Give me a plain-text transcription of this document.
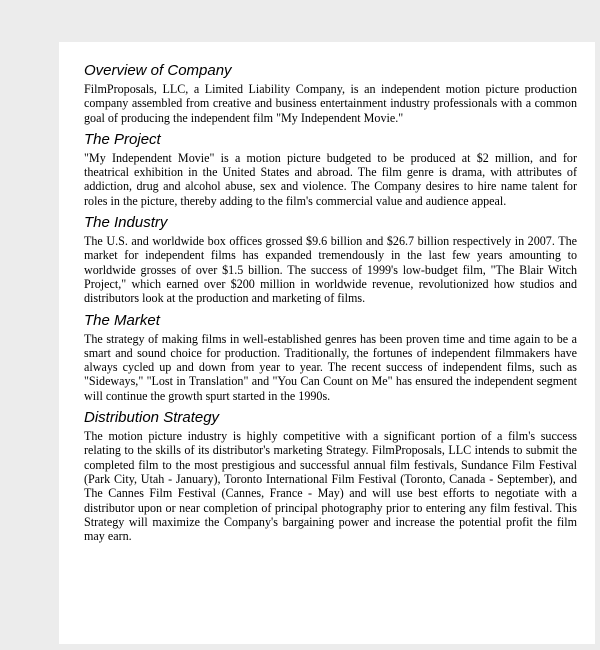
Overview of Company

FilmProposals, LLC, a Limited Liability Company, is an independent motion picture production company assembled from creative and business entertainment industry professionals with a common goal of producing the independent film "My Independent Movie."

The Project

"My Independent Movie" is a motion picture budgeted to be produced at $2 million, and for theatrical exhibition in the United States and abroad. The film genre is drama, with attributes of addiction, drug and alcohol abuse, sex and violence. The Company desires to hire name talent for roles in the picture, thereby adding to the film's commercial value and audience appeal.

The Industry

The U.S. and worldwide box offices grossed $9.6 billion and $26.7 billion respectively in 2007. The market for independent films has expanded tremendously in the last few years amounting to worldwide grosses of over $1.5 billion. The success of 1999's low-budget film, "The Blair Witch Project," which earned over $200 million in worldwide revenue, revolutionized how studios and distributors look at the production and marketing of films.

The Market

The strategy of making films in well-established genres has been proven time and time again to be a smart and sound choice for production. Traditionally, the fortunes of independent filmmakers have always cycled up and down from year to year. The recent success of independent films, such as "Sideways," "Lost in Translation" and "You Can Count on Me" has ensured the independent segment will continue the growth spurt started in the 1990s.

Distribution Strategy

The motion picture industry is highly competitive with a significant portion of a film's success relating to the skills of its distributor's marketing Strategy. FilmProposals, LLC intends to submit the completed film to the most prestigious and successful annual film festivals, Sundance Film Festival (Park City, Utah - January), Toronto International Film Festival (Toronto, Canada - September), and The Cannes Film Festival (Cannes, France - May) and will use best efforts to negotiate with a distributor upon or near completion of principal photography prior to entering any film festival. This Strategy will maximize the Company's bargaining power and increase the potential profit the film may earn.
